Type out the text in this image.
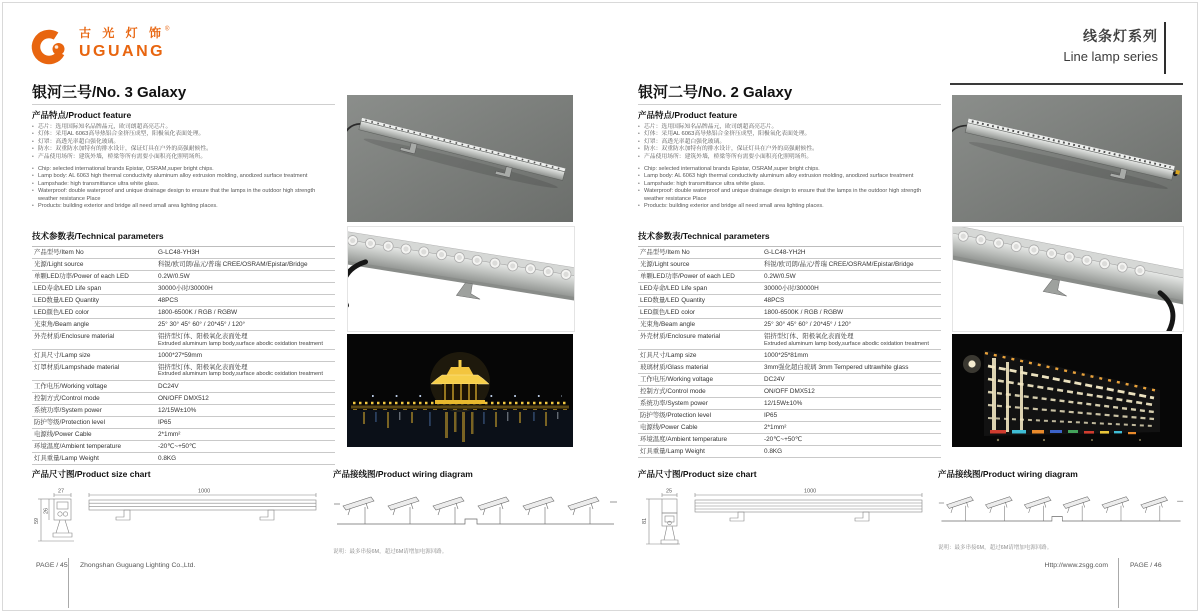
古 光 灯 饰®
UGUANG
线条灯系列
Line lamp series
银河三号/No. 3 Galaxy
产品特点/Product feature
• 芯片：选用国际知名品牌晶元，欧司朗超高亮芯片。
• 灯体：采用AL 6063高导热铝合金挤压成型，阳极氧化表面处理。
• 灯罩：高透光率超白强化玻璃。
• 防水：双重防水加特有的排水设计，保证灯具在户外的高强耐候性。
• 产品使用场所：建筑外墙，桥梁等所有需要小面积亮化照明场所。
• Chip: selected international brands Epistar, OSRAM,super bright chips.
• Lamp body: AL 6063 high thermal conductivity aluminum alloy extrusion molding, anodized surface treatment
• Lampshade: high transmittance ultra white glass.
• Waterproof: double waterproof and unique drainage design to ensure that the lamps in the outdoor high strength weather resistance Place
• Products: building exterior and bridge all need small area lighting places.
技术参数表/Technical parameters
产品型号/Item No	G-LC48-YH3H
光源/Light source	科锐/欧司朗/晶元/普瑞 CREE/OSRAM/Epistar/Bridge
单颗LED功率/Power of each LED	0.2W/0.5W
LED寿命/LED Life span	30000小时/30000H
LED数量/LED Quantity	48PCS
LED颜色/LED color	1800-6500K / RGB / RGBW
光束角/Beam angle	25° 30° 45° 60° / 20*45° / 120°
外壳材质/Enclosure material	铝挤型灯体、阳极氧化表面处理
Extruded aluminum lamp body,surface abodic oxidation treatment
灯具尺寸/Lamp size	1000*27*59mm
灯罩材质/Lampshade material	铝挤型灯体、阳极氧化表面处理
Extruded aluminum lamp body,surface abodic oxidation treatment
工作电压/Working voltage	DC24V
控制方式/Control mode	ON/OFF DMX512
系统功率/System power	12/15W±10%
防护等级/Protection level	IP65
电源线/Power Cable	2*1mm²
环境温度/Ambient temperature	-20℃~+50℃
灯具重量/Lamp Weight	0.8KG
银河二号/No. 2 Galaxy
产品特点/Product feature
• 芯片：选用国际知名品牌晶元，欧司朗超高亮芯片。
• 灯体：采用AL 6063高导热铝合金挤压成型，阳极氧化表面处理。
• 灯罩：高透光率超白强化玻璃。
• 防水：双重防水加特有的排水设计，保证灯具在户外的高强耐候性。
• 产品使用场所：建筑外墙，桥梁等所有需要小面积亮化照明场所。
• Chip: selected international brands Epistar, OSRAM,super bright chips.
• Lamp body: AL 6063 high thermal conductivity aluminum alloy extrusion molding, anodized surface treatment
• Lampshade: high transmittance ultra white glass.
• Waterproof: double waterproof and unique drainage design to ensure that the lamps in the outdoor high strength weather resistance Place
• Products: building exterior and bridge all need small area lighting places.
技术参数表/Technical parameters
产品型号/Item No	G-LC48-YH2H
光源/Light source	科锐/欧司朗/晶元/普瑞 CREE/OSRAM/Epistar/Bridge
单颗LED功率/Power of each LED	0.2W/0.5W
LED寿命/LED Life span	30000小时/30000H
LED数量/LED Quantity	48PCS
LED颜色/LED color	1800-6500K / RGB / RGBW
光束角/Beam angle	25° 30° 45° 60° / 20*45° / 120°
外壳材质/Enclosure material	铝挤型灯体、阳极氧化表面处理
Extruded aluminum lamp body,surface abodic oxidation treatment
灯具尺寸/Lamp size	1000*25*81mm
玻璃材质/Glass material	3mm强化超白玻璃 3mm Tempered ultrawhite glass
工作电压/Working voltage	DC24V
控制方式/Control mode	ON/OFF DMX512
系统功率/System power	12/15W±10%
防护等级/Protection level	IP65
电源线/Power Cable	2*1mm²
环境温度/Ambient temperature	-20℃~+50℃
灯具重量/Lamp Weight	0.8KG
产品尺寸图/Product size chart
27	1000
59
26
产品接线图/Product wiring diagram
说明：最多串接6M，超过6M请增加电源回路。
产品尺寸图/Product size chart
25	1000
81
产品接线图/Product wiring diagram
说明：最多串接6M，超过6M请增加电源回路。
PAGE / 45 Zhongshan Guguang Lighting Co.,Ltd.	Http://www.zsgg.com	PAGE / 46
